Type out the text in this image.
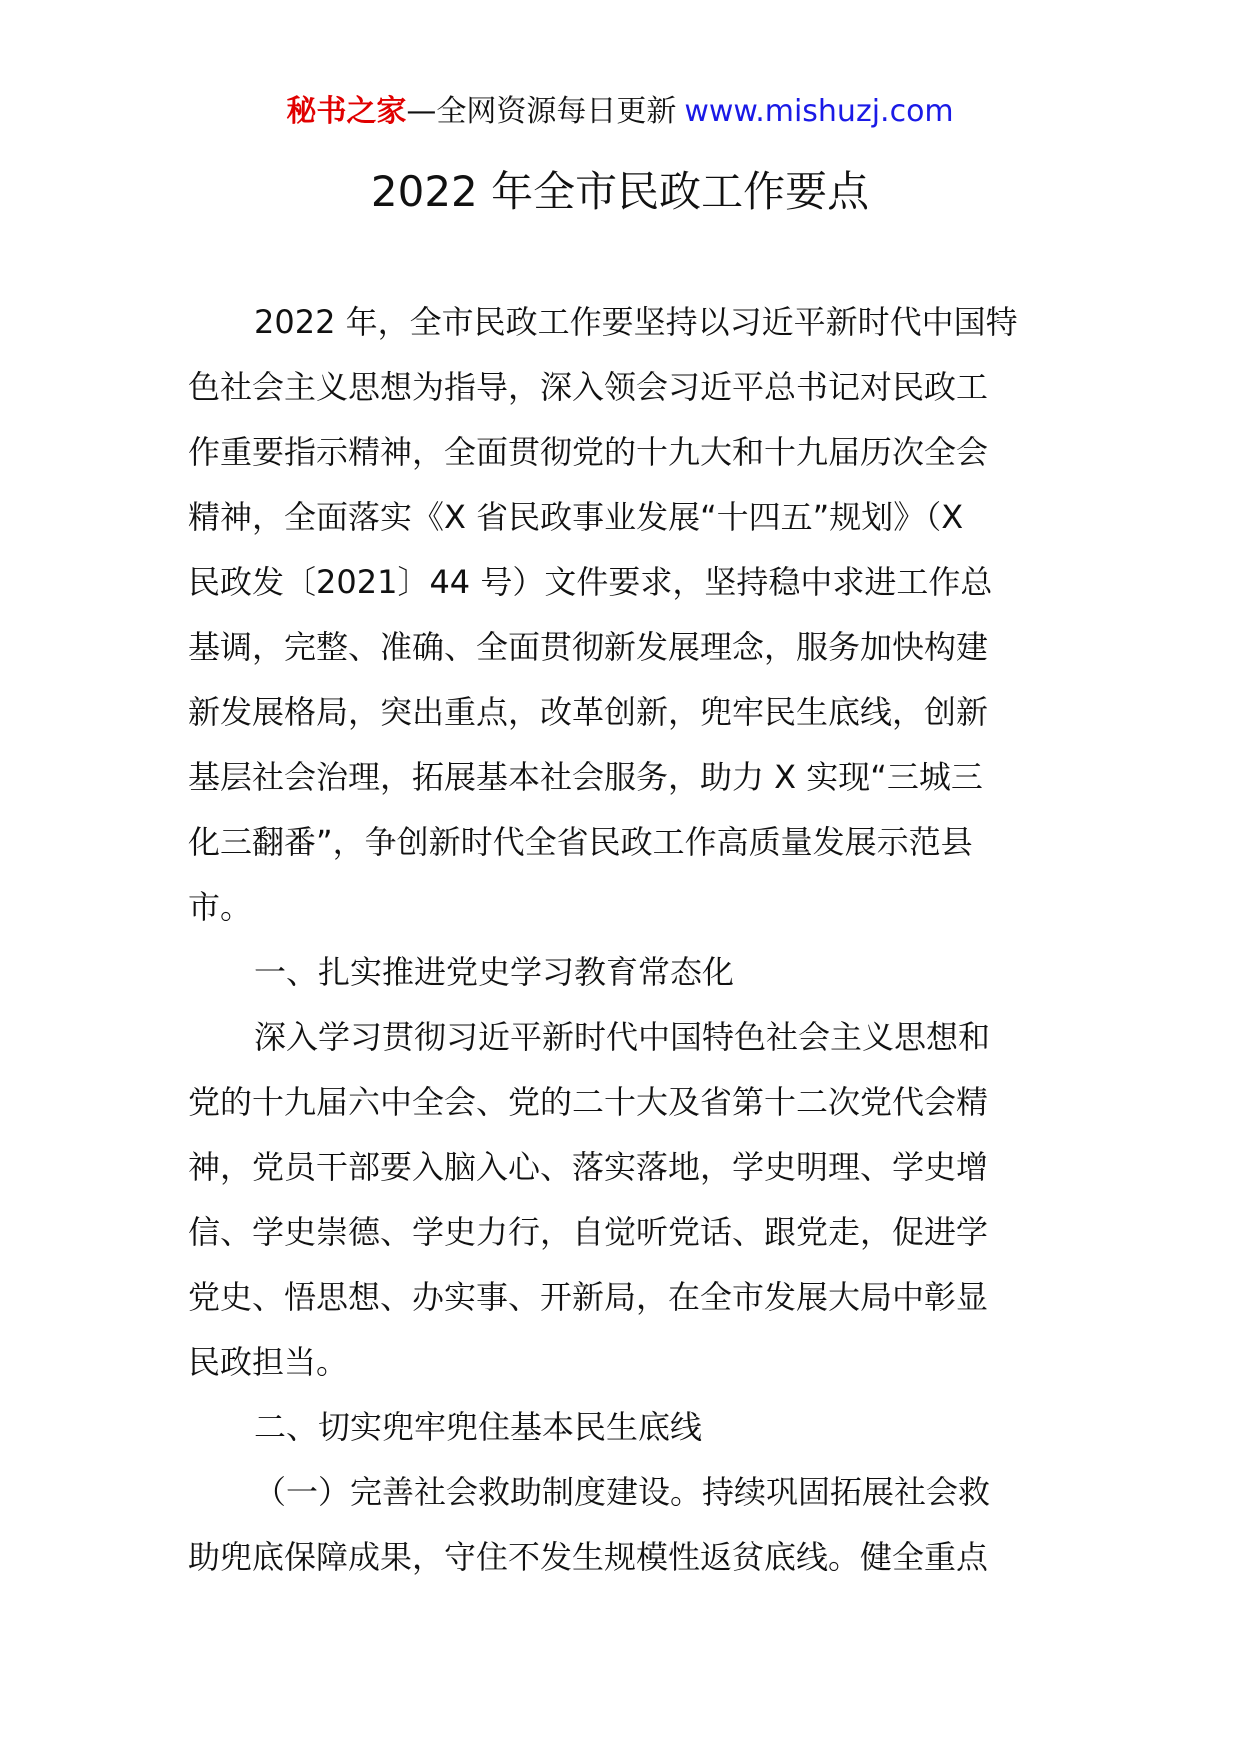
秘书之家—全网资源每日更新 www.mishuzj.com
2022 年全市民政工作要点
2022 年，全市民政工作要坚持以习近平新时代中国特
色社会主义思想为指导，深入领会习近平总书记对民政工
作重要指示精神，全面贯彻党的十九大和十九届历次全会
精神，全面落实《X 省民政事业发展“十四五”规划》（X
民政发〔2021〕44 号）文件要求，坚持稳中求进工作总
基调，完整、准确、全面贯彻新发展理念，服务加快构建
新发展格局，突出重点，改革创新，兜牢民生底线，创新
基层社会治理，拓展基本社会服务，助力 X 实现“三城三
化三翻番”，争创新时代全省民政工作高质量发展示范县
市。
一、扎实推进党史学习教育常态化
深入学习贯彻习近平新时代中国特色社会主义思想和
党的十九届六中全会、党的二十大及省第十二次党代会精
神，党员干部要入脑入心、落实落地，学史明理、学史增
信、学史崇德、学史力行，自觉听党话、跟党走，促进学
党史、悟思想、办实事、开新局，在全市发展大局中彰显
民政担当。
二、切实兜牢兜住基本民生底线
（一）完善社会救助制度建设。持续巩固拓展社会救
助兜底保障成果，守住不发生规模性返贫底线。健全重点
